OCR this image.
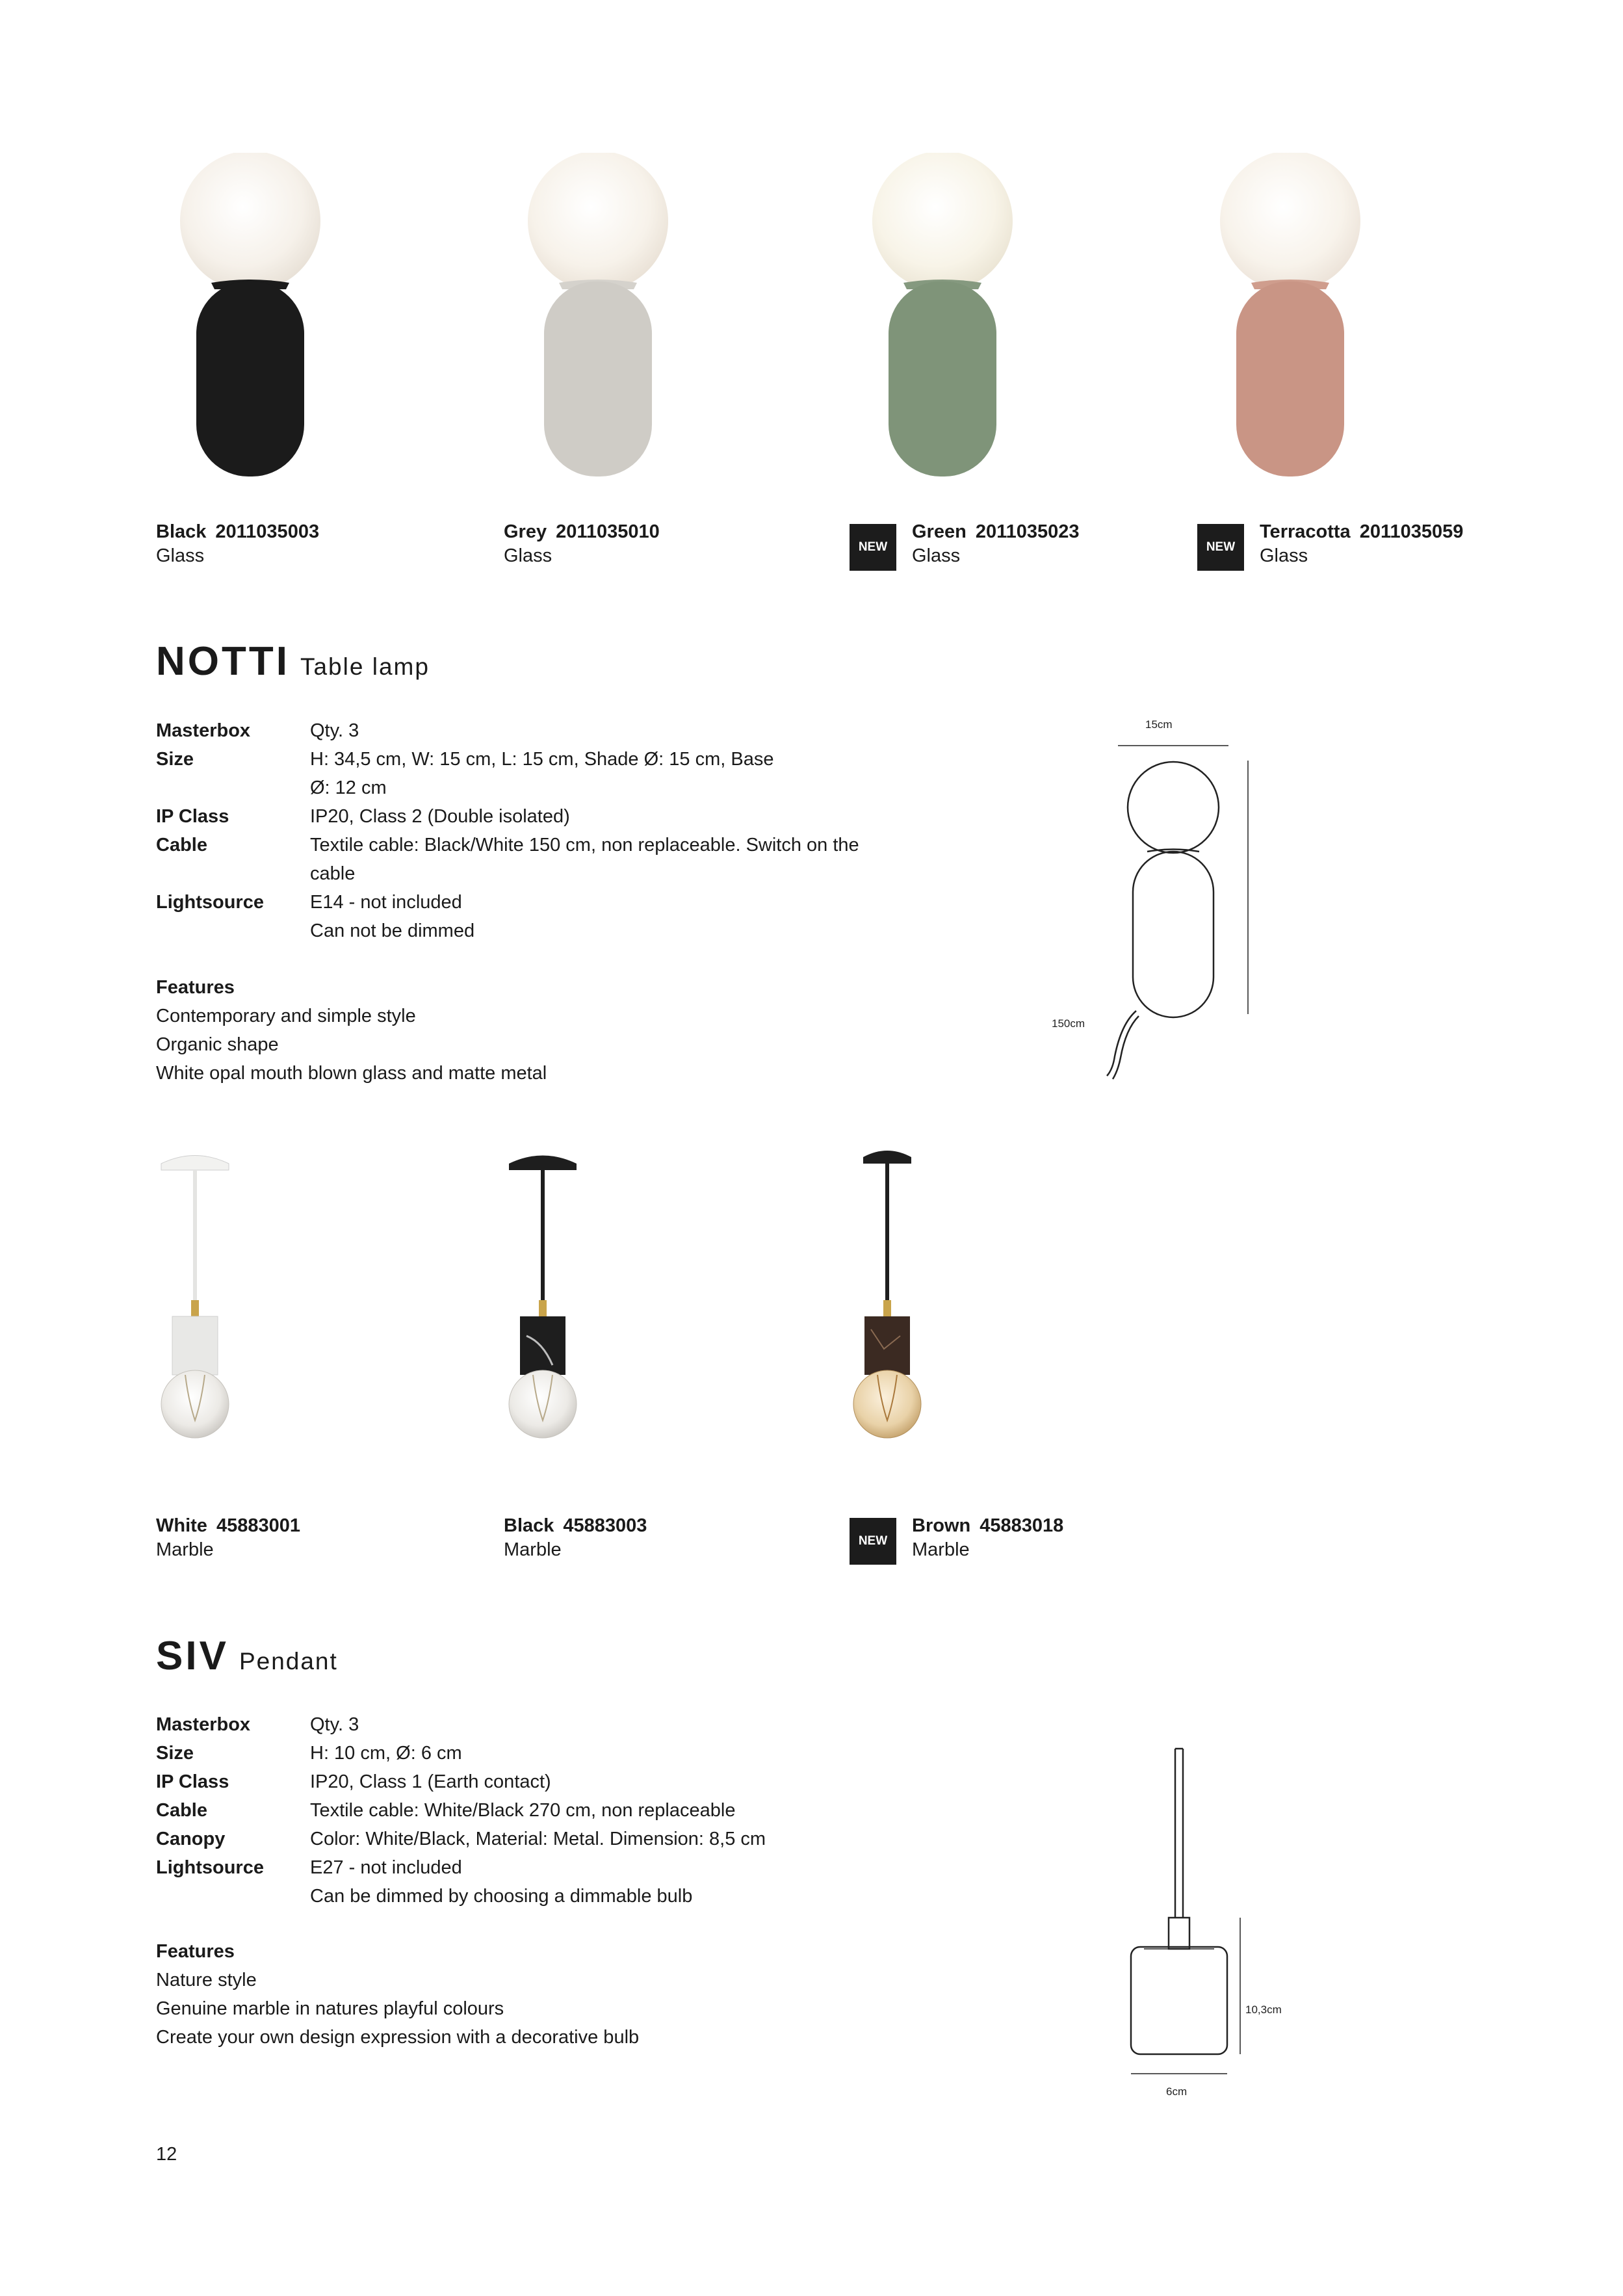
Black 2011035003
Glass
Grey 2011035010
Glass	NEW
Green 2011035023
Glass	NEW
Terracotta 2011035059
Glass
NOTTI Table lamp
Masterbox	Qty. 3
Size	H: 34,5 cm, W: 15 cm, L: 15 cm, Shade Ø: 15 cm, Base Ø: 12 cm
IP Class	IP20, Class 2 (Double isolated)
Cable	Textile cable: Black/White 150 cm, non replaceable. Switch on the cable
Lightsource	E14 - not included
Can not be dimmed
Features
Contemporary and simple style
Organic shape
White opal mouth blown glass and matte metal
15cm
150cm
White 45883001
Marble
Black 45883003
Marble	NEW
Brown 45883018
Marble
SIV Pendant
Masterbox	Qty. 3
Size	H: 10 cm, Ø: 6 cm
IP Class	IP20, Class 1 (Earth contact)
Cable	Textile cable: White/Black 270 cm, non replaceable
Canopy	Color: White/Black, Material: Metal. Dimension: 8,5 cm
Lightsource	E27 - not included
Can be dimmed by choosing a dimmable bulb
Features
Nature style
Genuine marble in natures playful colours
Create your own design expression with a decorative bulb
10,3cm
6cm
12
